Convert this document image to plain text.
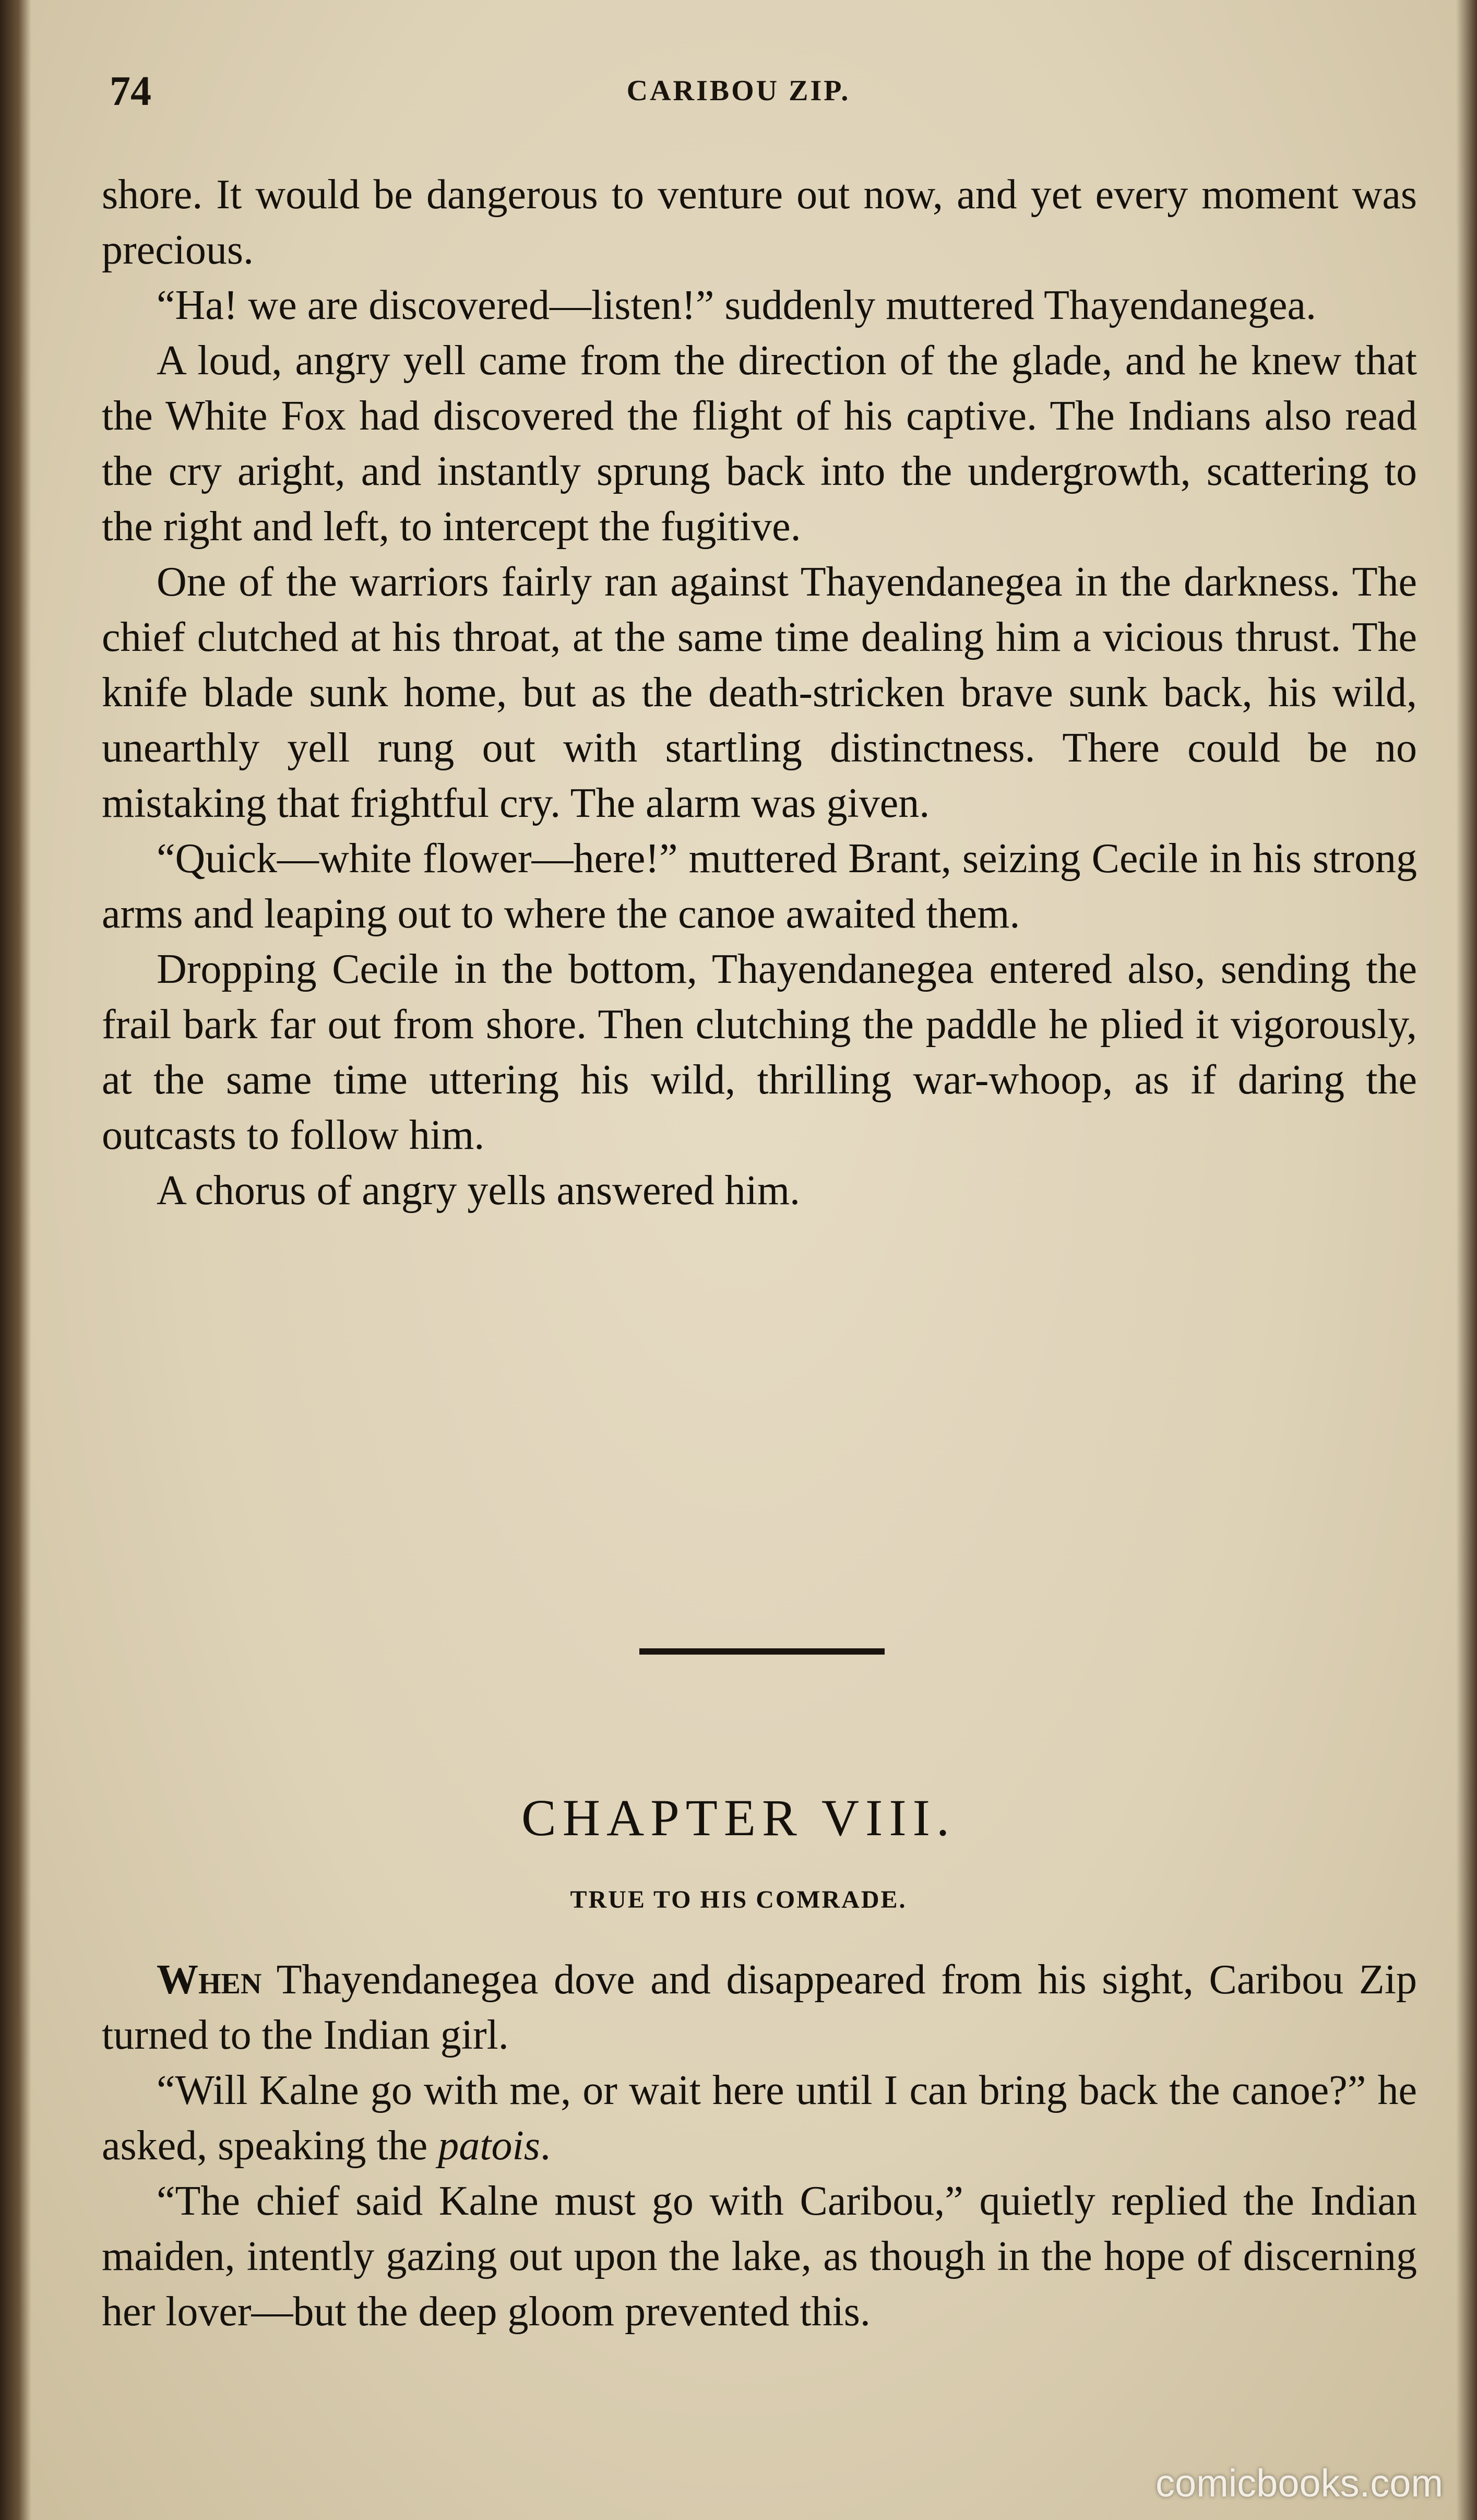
74	CARIBOU ZIP.

shore. It would be dangerous to venture out now, and yet every moment was precious.

“Ha! we are discovered—listen!” suddenly muttered Thayendanegea.

A loud, angry yell came from the direction of the glade, and he knew that the White Fox had discovered the flight of his captive. The Indians also read the cry aright, and instantly sprung back into the undergrowth, scattering to the right and left, to intercept the fugitive.

One of the warriors fairly ran against Thayendanegea in the darkness. The chief clutched at his throat, at the same time dealing him a vicious thrust. The knife blade sunk home, but as the death-stricken brave sunk back, his wild, unearthly yell rung out with startling distinctness. There could be no mistaking that frightful cry. The alarm was given.

“Quick—white flower—here!” muttered Brant, seizing Cecile in his strong arms and leaping out to where the canoe awaited them.

Dropping Cecile in the bottom, Thayendanegea entered also, sending the frail bark far out from shore. Then clutching the paddle he plied it vigorously, at the same time uttering his wild, thrilling war-whoop, as if daring the outcasts to follow him.

A chorus of angry yells answered him.

CHAPTER VIII.
TRUE TO HIS COMRADE.

When Thayendanegea dove and disappeared from his sight, Caribou Zip turned to the Indian girl.

“Will Kalne go with me, or wait here until I can bring back the canoe?” he asked, speaking the patois.

“The chief said Kalne must go with Caribou,” quietly replied the Indian maiden, intently gazing out upon the lake, as though in the hope of discerning her lover—but the deep gloom prevented this.

comicbooks.com
